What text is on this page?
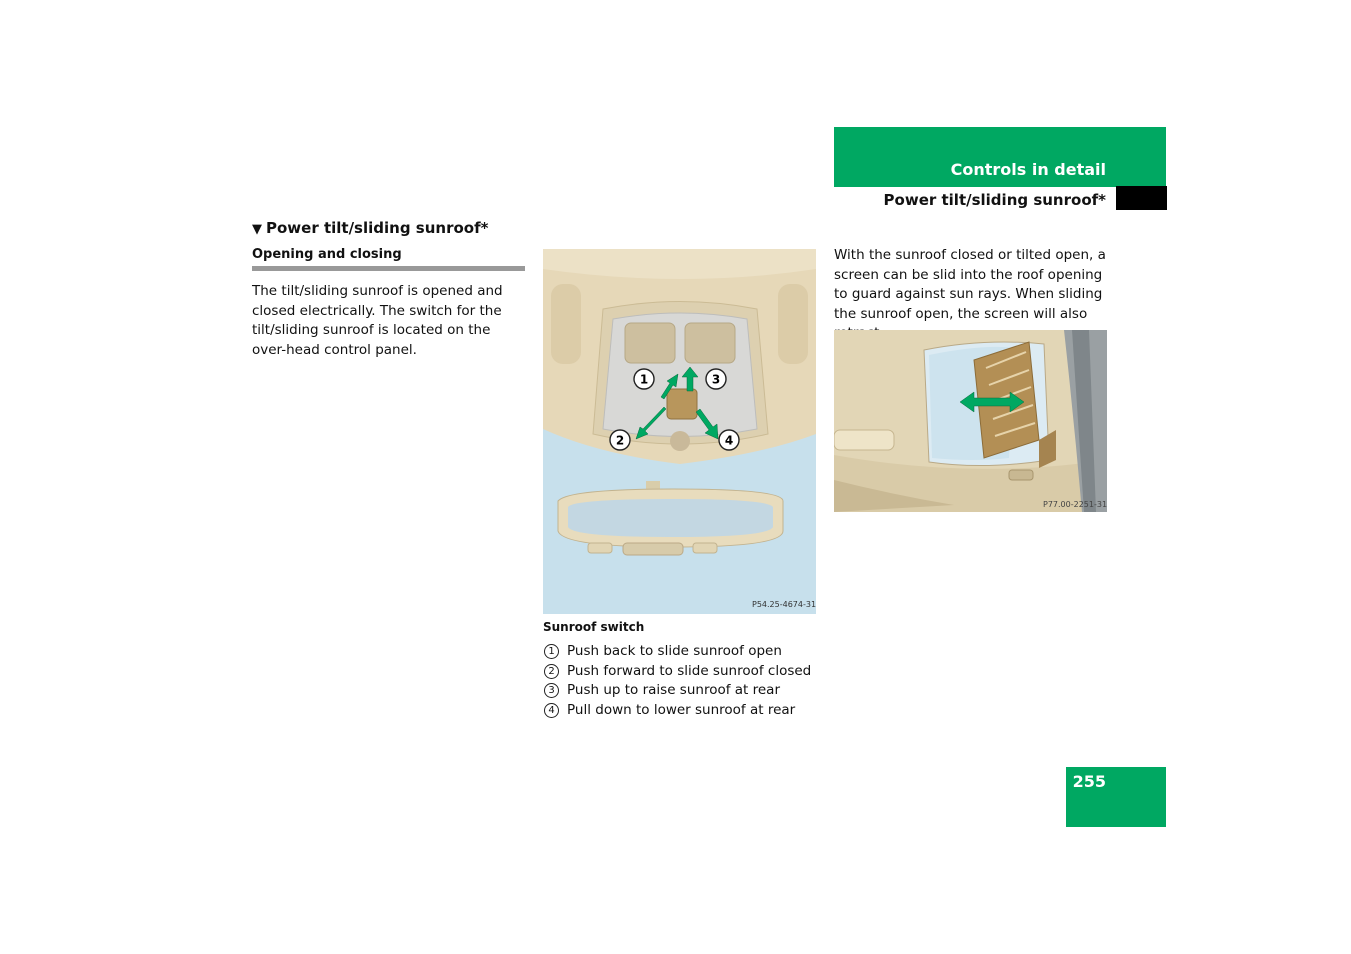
Controls in detail
Power tilt/sliding sunroof*
▼ Power tilt/sliding sunroof*
Opening and closing
The tilt/sliding sunroof is opened and closed electrically. The switch for the tilt/sliding sunroof is located on the over-head control panel.
1
2
3
4
P54.25-4674-31
Sunroof switch
1 Push back to slide sunroof open
2 Push forward to slide sunroof closed
3 Push up to raise sunroof at rear
4 Pull down to lower sunroof at rear
With the sunroof closed or tilted open, a screen can be slid into the roof opening to guard against sun rays. When sliding the sunroof open, the screen will also
P77.00-2251-31
255
